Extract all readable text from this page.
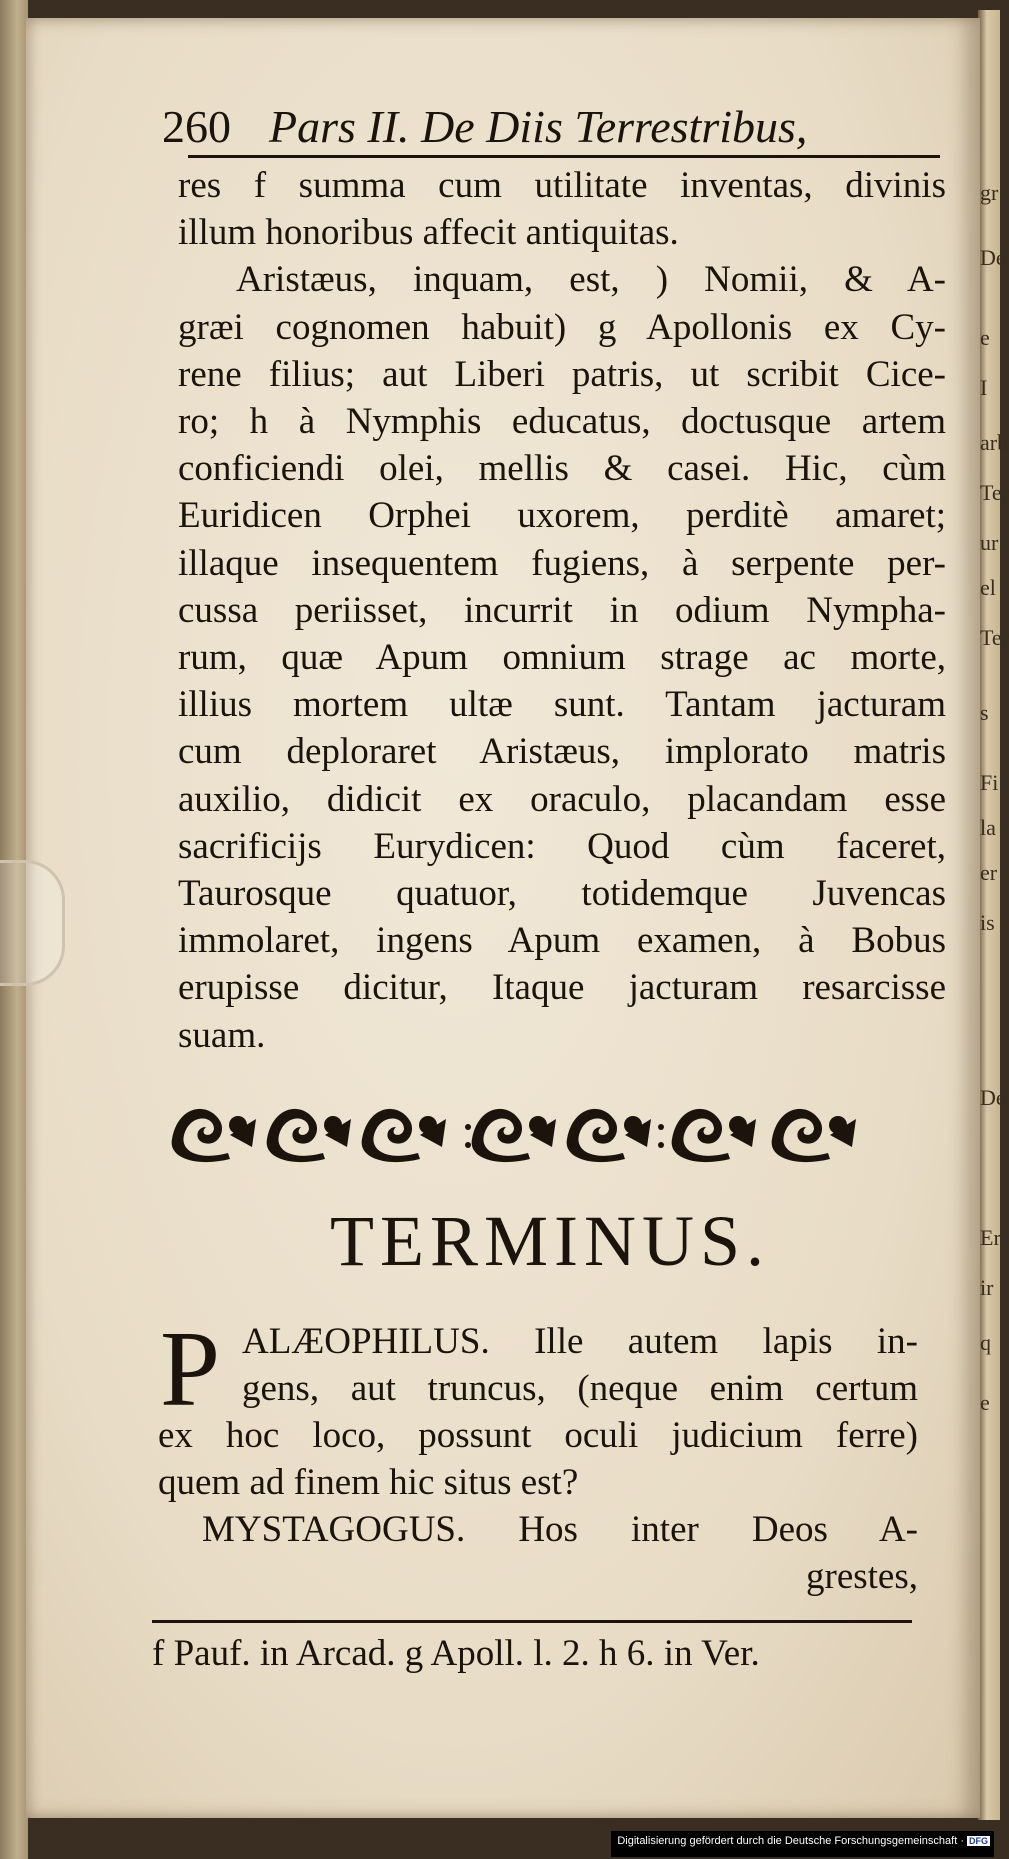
gr
De
e
I
arb
Ter
ur
el
Ter
s
Fi
la
er
is
De
Er
ir
q
e
260 Pars II. De Diis Terrestribus,
res f summa cum utilitate inventas, divinis
illum honoribus affecit antiquitas.
Aristæus, inquam, est, ) Nomii, & A-
græi cognomen habuit) g Apollonis ex Cy-
rene filius; aut Liberi patris, ut scribit Cice-
ro; h à Nymphis educatus, doctusque artem
conficiendi olei, mellis & casei. Hic, cùm
Euridicen Orphei uxorem, perditè amaret;
illaque insequentem fugiens, à serpente per-
cussa periisset, incurrit in odium Nympha-
rum, quæ Apum omnium strage ac morte,
illius mortem ultæ sunt. Tantam jacturam
cum deploraret Aristæus, implorato matris
auxilio, didicit ex oraculo, placandam esse
sacrificijs Eurydicen: Quod cùm faceret,
Taurosque quatuor, totidemque Juvencas
immolaret, ingens Apum examen, à Bobus
erupisse dicitur, Itaque jacturam resarcisse
suam.
TERMINUS.
P ALÆOPHILUS. Ille autem lapis in-
gens, aut truncus, (neque enim certum
ex hoc loco, possunt oculi judicium ferre)
quem ad finem hic situs est?
MYSTAGOGUS. Hos inter Deos A-
grestes,
f Pauf. in Arcad. g Apoll. l. 2. h 6. in Ver.
Digitalisierung gefördert durch die Deutsche Forschungsgemeinschaft · DFG
